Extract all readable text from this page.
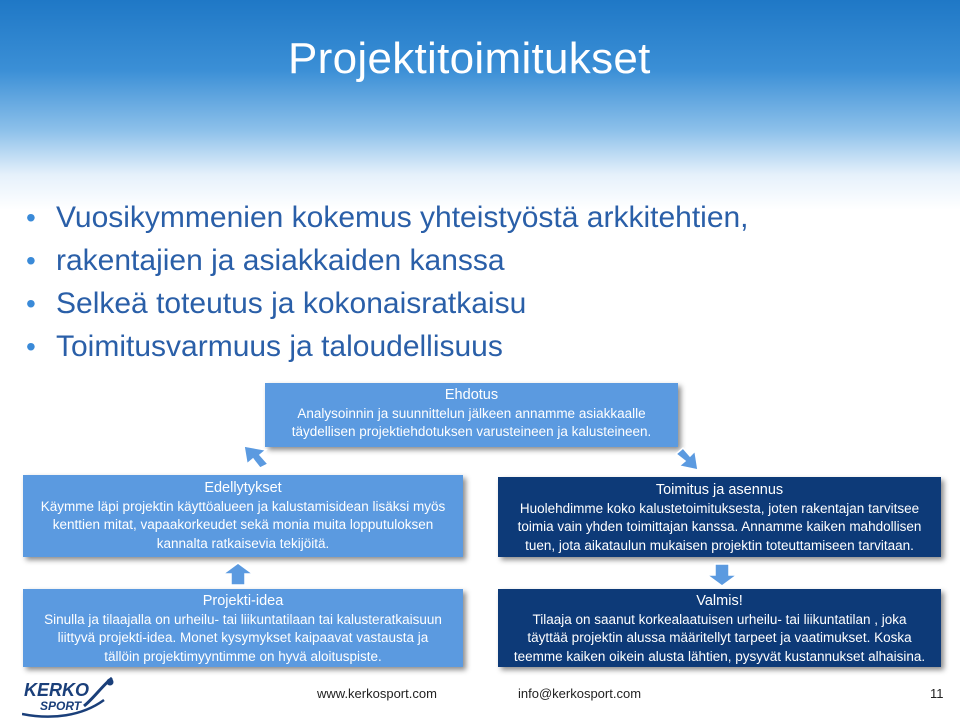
Projektitoimitukset
• Vuosikymmenien kokemus yhteistyöstä arkkitehtien,
• rakentajien ja asiakkaiden kanssa
• Selkeä toteutus ja kokonaisratkaisu
• Toimitusvarmuus ja taloudellisuus
Ehdotus
Analysoinnin ja suunnittelun jälkeen annamme asiakkaalle
täydellisen projektiehdotuksen varusteineen ja kalusteineen.
Edellytykset
Käymme läpi projektin käyttöalueen ja kalustamisidean lisäksi myös
kenttien mitat, vapaakorkeudet sekä monia muita lopputuloksen
kannalta ratkaisevia tekijöitä.
Toimitus ja asennus
Huolehdimme koko kalustetoimituksesta, joten rakentajan tarvitsee
toimia vain yhden toimittajan kanssa. Annamme kaiken mahdollisen
tuen, jota aikataulun mukaisen projektin toteuttamiseen tarvitaan.
Projekti-idea
Sinulla ja tilaajalla on urheilu- tai liikuntatilaan tai kalusteratkaisuun
liittyvä projekti-idea. Monet kysymykset kaipaavat vastausta ja
tällöin projektimyyntimme on hyvä aloituspiste.
Valmis!
Tilaaja on saanut korkealaatuisen urheilu- tai liikuntatilan , joka
täyttää projektin alussa määritellyt tarpeet ja vaatimukset. Koska
teemme kaiken oikein alusta lähtien, pysyvät kustannukset alhaisina.
KERKO
SPORT
www.kerkosport.com	info@kerkosport.com	11
